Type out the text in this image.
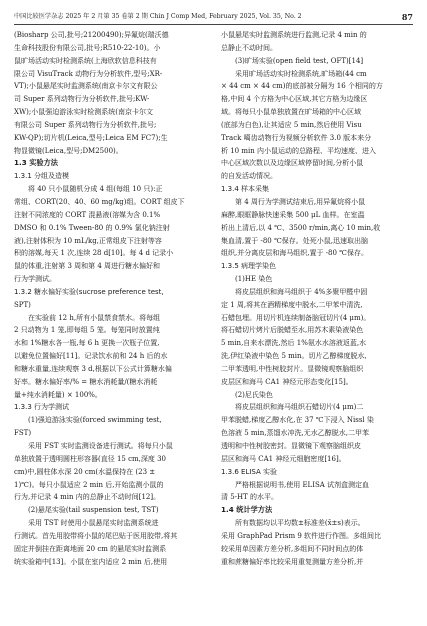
中国比较医学杂志 2025 年 2 月第 35 卷第 2 期 Chin J Comp Med, February 2025, Vol. 35, No. 2	87
(Biosharp 公司,批号;21200490);异氟烷(瑞沃德
生命科技股份有限公司,批号;R510-22-10)。小
鼠旷场活动实时检测系统(上海欣软信息科技有
限公司 VisuTrack 动物行为分析软件,型号;XR-
VT);小鼠悬尾实时监测系统(南京卡尔文有限公
司 Super 系列动物行为分析软件,批号;KW-
XW);小鼠强迫游泳实时检测系统(南京卡尔文
有限公司 Super 系列动物行为分析软件,批号;
KW-QP);切片机(Leica,型号;Leica EM FC7);生
物显微镜(Leica,型号;DM2500)。
1.3 实验方法
1.3.1 分组及造模
将 40 只小鼠随机分成 4 组(每组 10 只):正
常组、CORT(20、40、60 mg/kg)组。CORT 组皮下
注射不同浓度的 CORT 混悬液(溶媒为含 0.1%
DMSO 和 0.1% Tween-80 的 0.9% 氯化钠注射
液),注射体积为 10 mL/kg,正常组皮下注射等容
积的溶媒,每天 1 次,连续 28 d[10]。每 4 d 记录小
鼠的体重,注射第 3 周和第 4 周进行糖水偏好和
行为学测试。
1.3.2 糖水偏好实验(sucrose preference test,
SPT)
在实验前 12 h,所有小鼠禁食禁水。将每组
2 只动物为 1 笼,即每组 5 笼。每笼同时放置纯
水和 1%糖水各一瓶,每 6 h 更换一次瓶子位置,
以避免位置偏好[11]。记录饮水前和 24 h 后的水
和糖水重量,连续观察 3 d,根据以下公式计算糖水偏
好率。糖水偏好率/% = 糖水消耗量/(糖水消耗
量+纯水消耗量) × 100%。
1.3.3 行为学测试
(1)强迫游泳实验(forced swimming test,
FST)
采用 FST 实时监测设备进行测试。将每只小鼠
单独放置于透明圆柱形容器(直径 15 cm,深度 30
cm)中,圆柱体水深 20 cm(水温保持在 (23 ±
1)℃)。每只小鼠适应 2 min 后,开始监测小鼠的
行为,并记录 4 min 内的总静止不动时间[12]。
(2)悬尾实验(tail suspension test, TST)
采用 TST 时使用小鼠悬尾实时监测系统进
行测试。首先用胶带将小鼠的尾巴贴于医用胶带,将其
固定并倒挂在距离地面 20 cm 的悬尾实时监测系
统实验箱中[13]。小鼠在室内适应 2 min 后,使用
小鼠悬尾实时监测系统进行监测,记录 4 min 的
总静止不动时间。
(3)旷场实验(open field test, OFT)[14]
采用旷场活动实时检测系统,旷场箱(44 cm
× 44 cm × 44 cm)的底部被分隔为 16 个相同的方
格,中间 4 个方格为中心区域,其它方格为边缘区
域。将每只小鼠单独放置在旷场箱的中心区域
(底部为白色),让其适应 5 min,然后使用 Visu
Track 噶齿动物行为视频分析软件 3.0 版本来分
析 10 min 内小鼠运动的总路程、平均速度、进入
中心区域次数以及边缘区域停留时间,分析小鼠
的自发活动情况。
1.3.4 样本采集
第 4 周行为学测试结束后,用异氟烷将小鼠
麻醉,眼眶静脉快速采集 500 μL 血样。在室温
析出上清后,以 4 ℃、3500 r/min,离心 10 min,收
集血清,置于 -80 ℃保存。处死小鼠,迅速取出脑
组织,并分离皮层和海马组织,置于 -80 ℃保存。
1.3.5 病理学染色
(1)HE 染色
将皮层组织和海马组织于 4%多聚甲醛中固
定 1 周,将其在酒精梯度中脱水,二甲苯中清洗,
石蜡包埋。用切片机连续制备脑冠切片(4 μm)。
将石蜡切片烤片后脱蜡至水,用苏木素染液染色
5 min,自来水漂洗,然后 1%氨水水溶液返蓝,水
洗,伊红染液中染色 5 min。切片乙醇梯度脱水,
二甲苯透明,中性树胶封片。显微镜观察脑组织
皮层区和海马 CA1 神经元形态变化[15]。
(2)尼氏染色
将皮层组织和海马组织石蜡切片(4 μm)二
甲苯脱蜡,梯度乙醇水化,在 37 ℃下浸入 Nissl 染
色溶液 5 min,蒸馏水冲洗,无水乙醇脱水,二甲苯
透明和中性树胶密封。显微镜下观察脑组织皮
层区和海马 CA1 神经元细胞密度[16]。
1.3.6 ELISA 实验
严格根据说明书,使用 ELISA 试剂盒测定血
清 5-HT 的水平。
1.4 统计学方法
所有数据均以平均数±标准差(x̄±s)表示。
采用 GraphPad Prism 9 软件进行作图。多组间比
较采用单因素方差分析,多组间不同时间点的体
重和蔗糖偏好率比较采用重复测量方差分析,并
